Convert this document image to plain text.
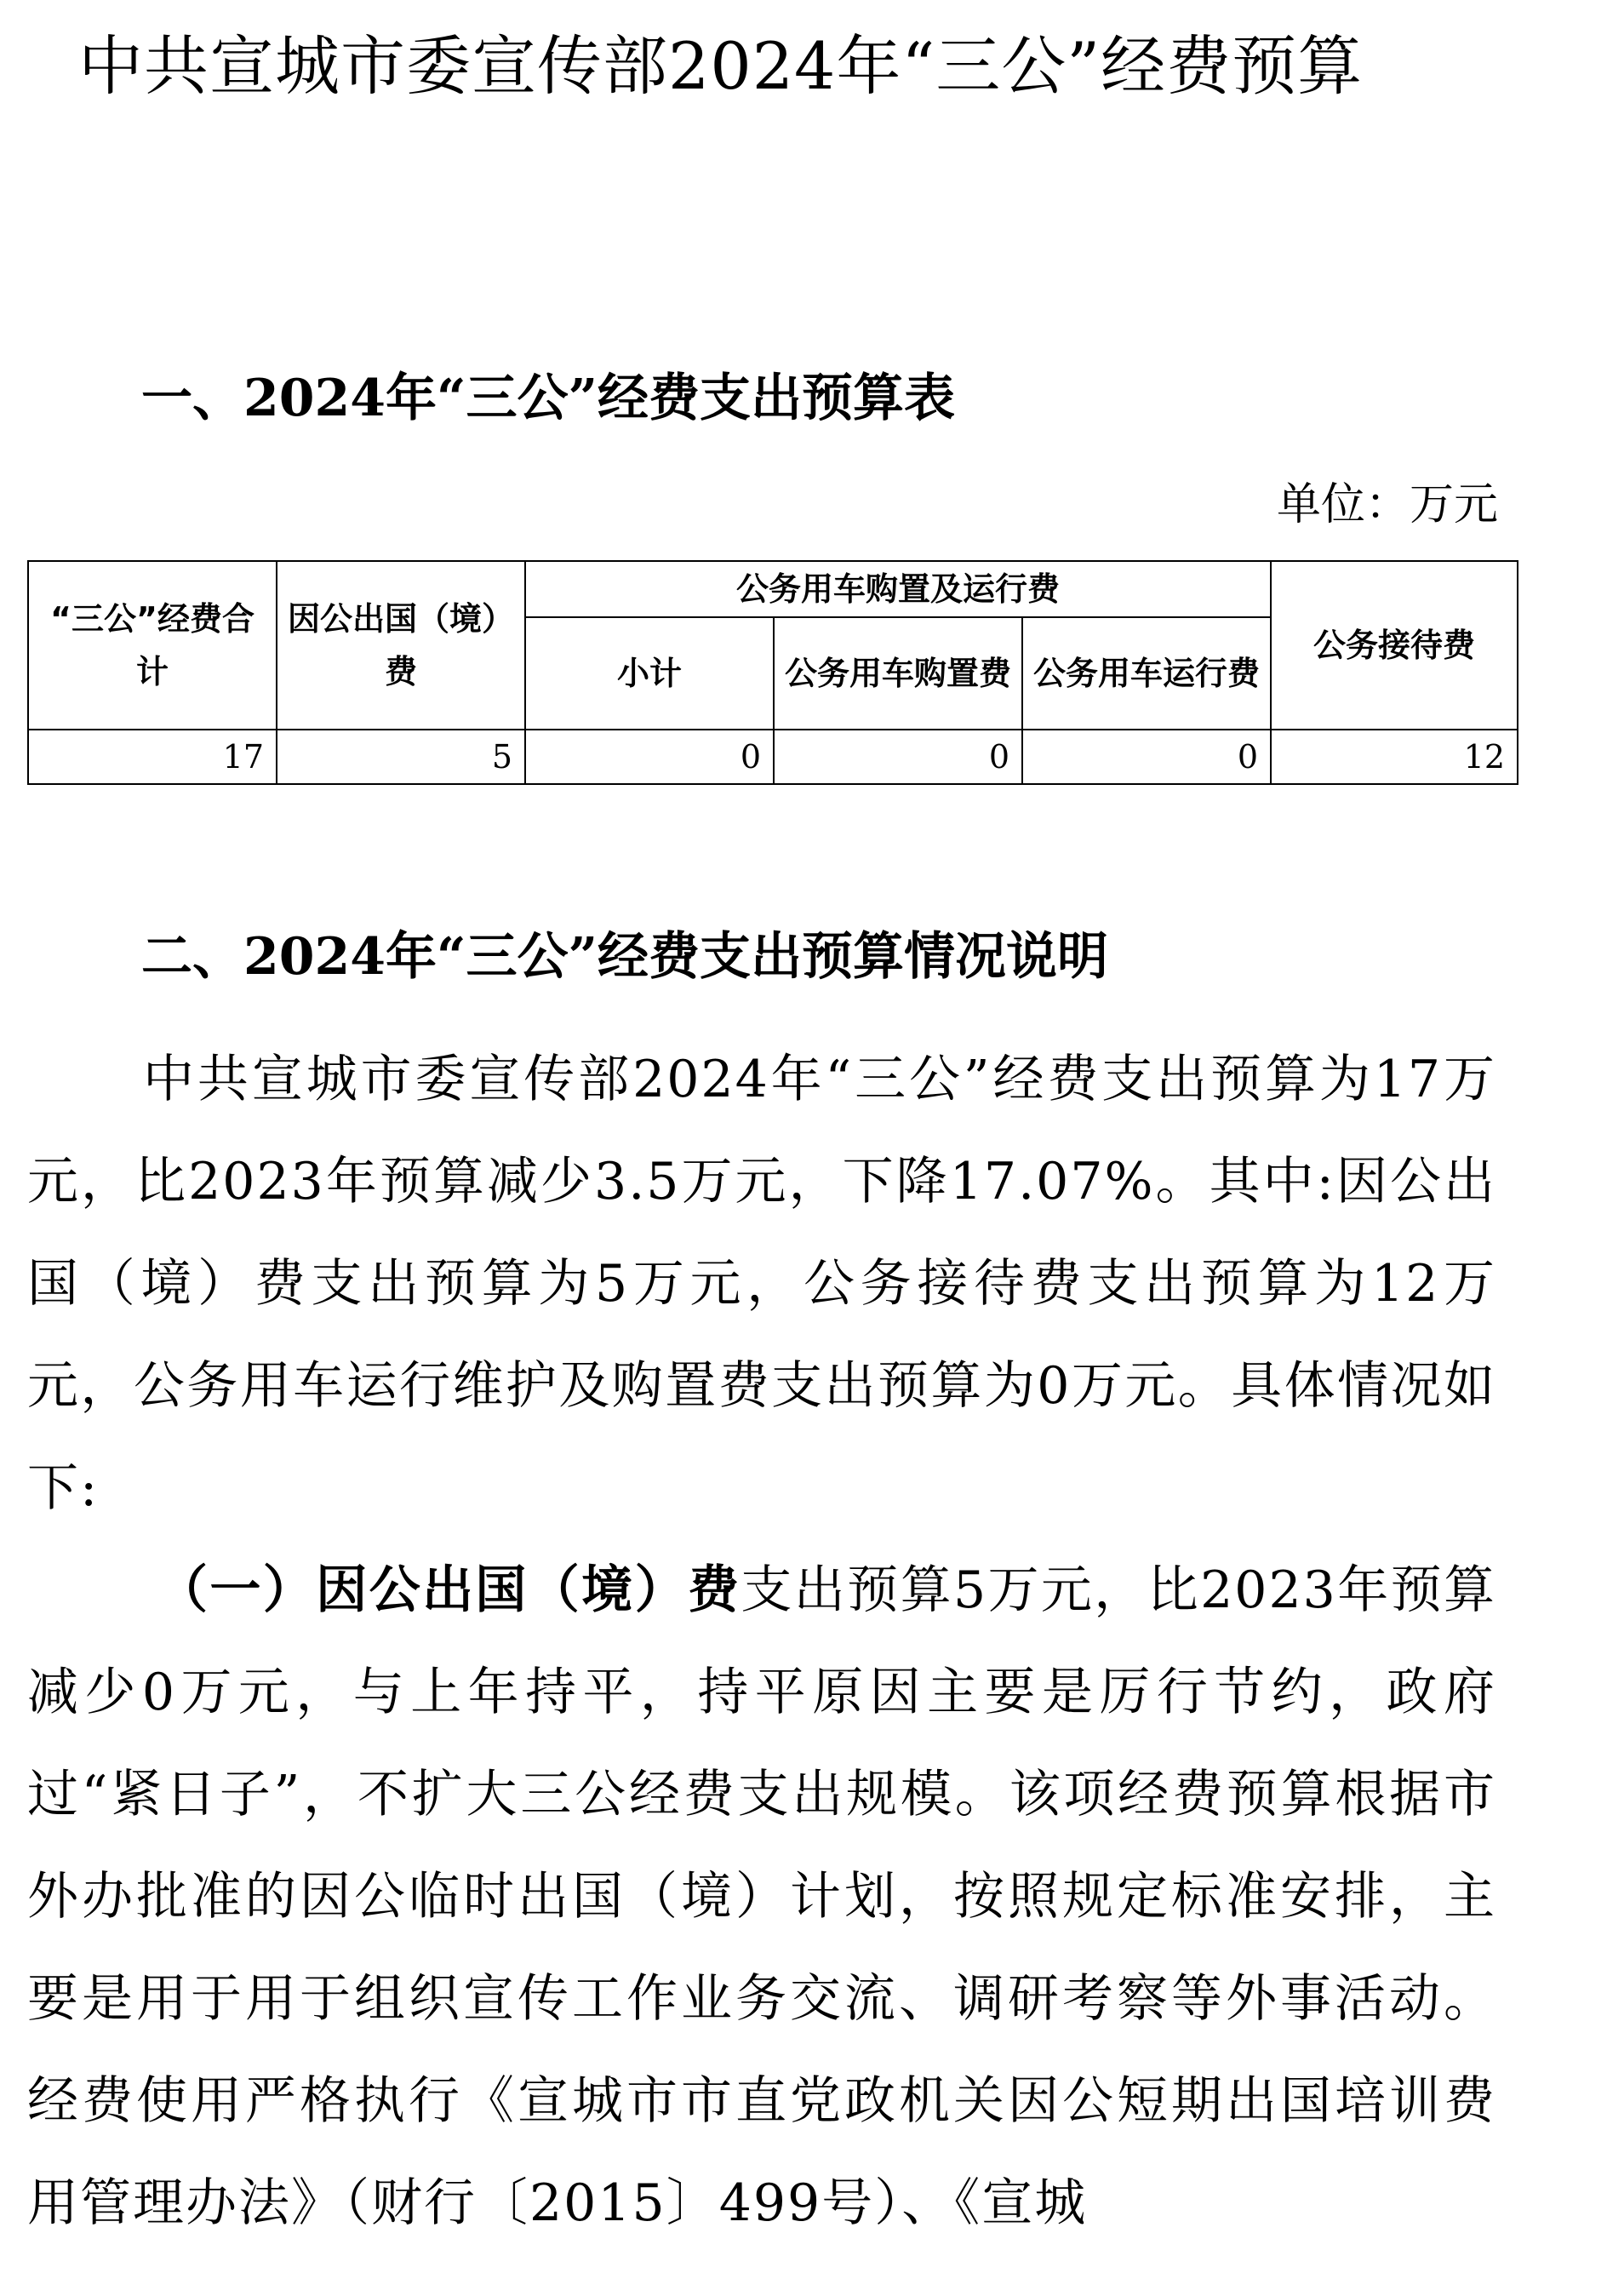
中共宣城市委宣传部2024年“三公”经费预算
一、2024年“三公”经费支出预算表
单位：万元
“三公”经费合计	因公出国（境）费	公务用车购置及运行费			公务接待费
		小计	公务用车购置费	公务用车运行费	
17	5	0	0	0	12
二、2024年“三公”经费支出预算情况说明

中共宣城市委宣传部2024年“三公”经费支出预算为17万元，比2023年预算减少3.5万元，下降17.07%。其中:因公出国（境）费支出预算为5万元，公务接待费支出预算为12万元，公务用车运行维护及购置费支出预算为0万元。具体情况如下:

（一）因公出国（境）费支出预算5万元，比2023年预算减少0万元，与上年持平，持平原因主要是厉行节约，政府过“紧日子”，不扩大三公经费支出规模。该项经费预算根据市外办批准的因公临时出国（境）计划，按照规定标准安排，主要是用于用于组织宣传工作业务交流、调研考察等外事活动。经费使用严格执行《宣城市市直党政机关因公短期出国培训费用管理办法》（财行〔2015〕499号）、《宣城
